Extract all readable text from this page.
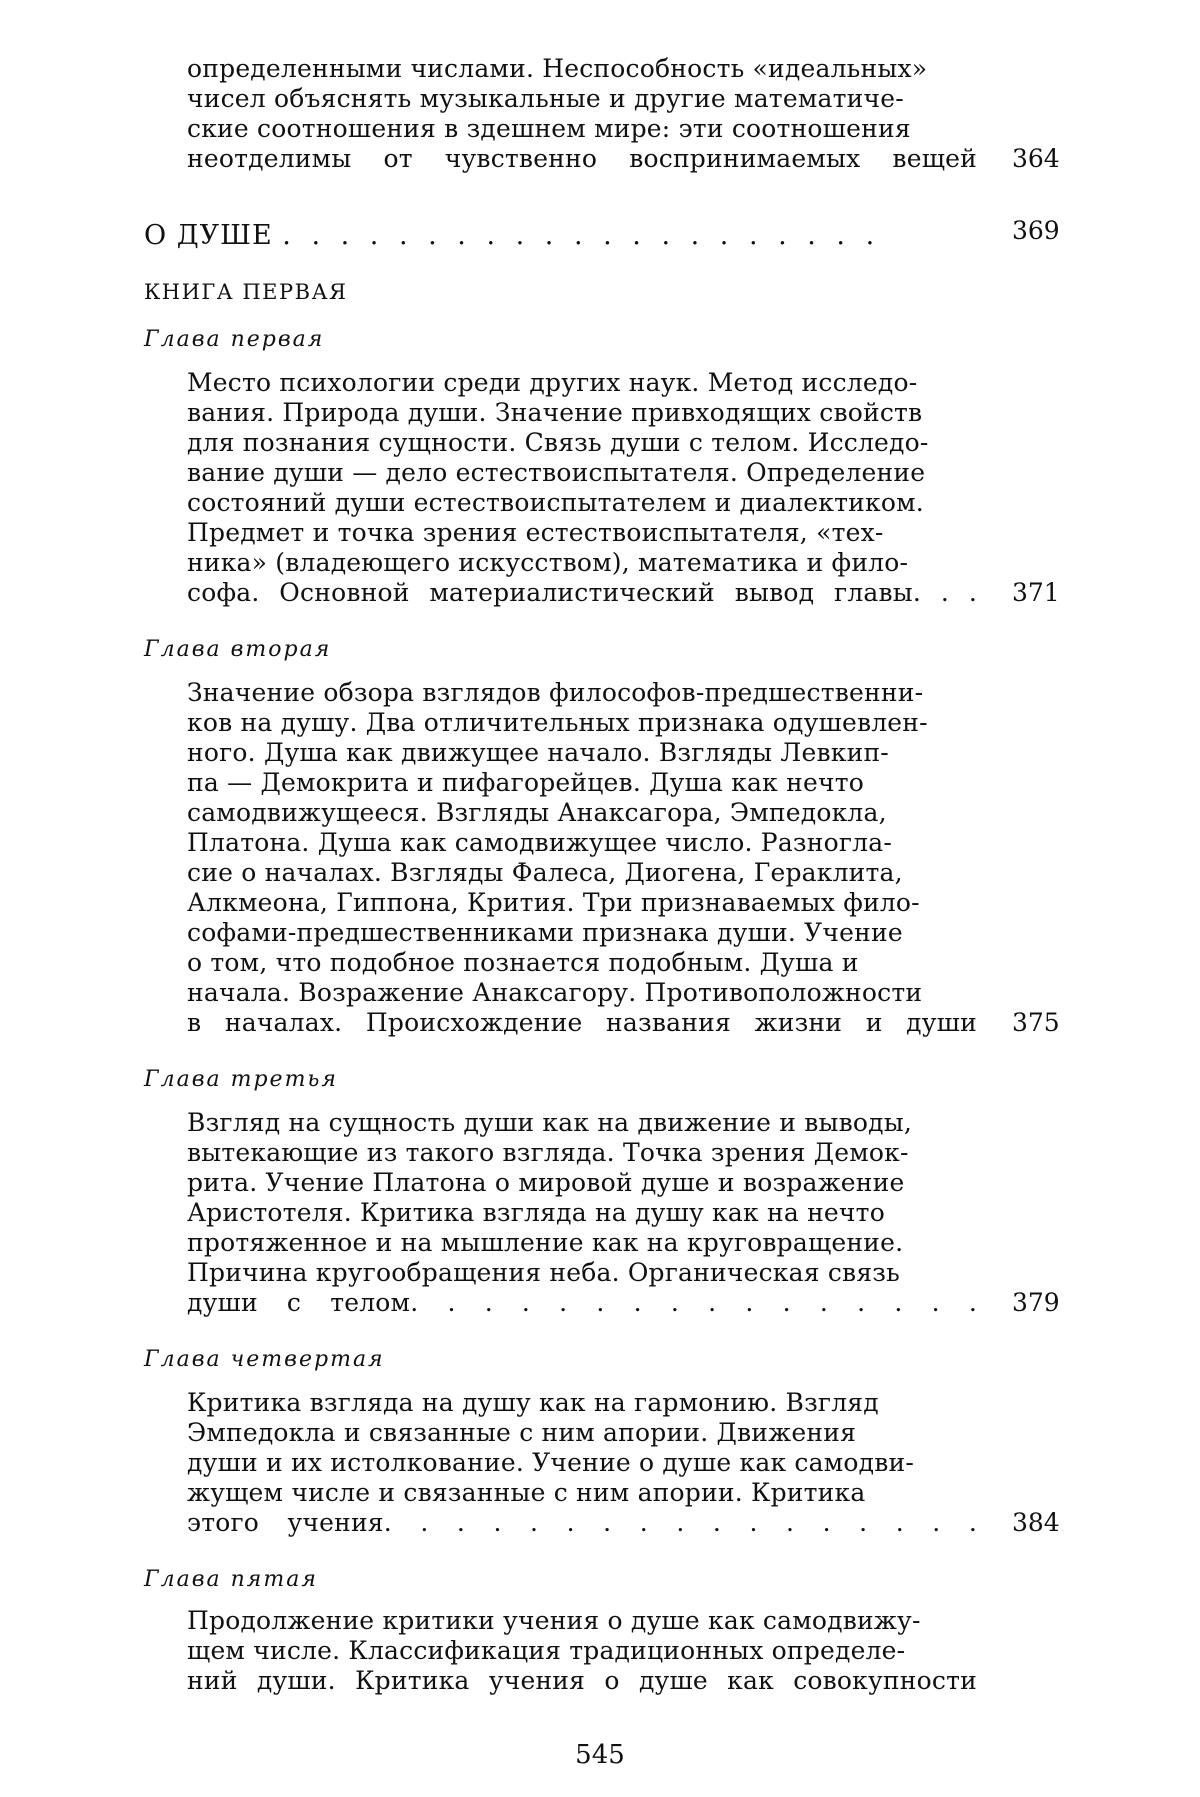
определенными числами. Неспособность «идеальных»
чисел объяснять музыкальные и другие математиче-
ские соотношения в здешнем мире: эти соотношения
неотделимы от чувственно воспринимаемых вещей 364
О ДУШЕ . . . . . . . . . . . . . . . . . . . . .	369
КНИГА ПЕРВАЯ
Глава первая
Место психологии среди других наук. Метод исследо-
вания. Природа души. Значение привходящих свойств
для познания сущности. Связь души с телом. Исследо-
вание души — дело естествоиспытателя. Определение
состояний души естествоиспытателем и диалектиком.
Предмет и точка зрения естествоиспытателя, «тех-
ника» (владеющего искусством), математика и фило-
софа. Основной материалистический вывод главы. . . 371
Глава вторая
Значение обзора взглядов философов-предшественни-
ков на душу. Два отличительных признака одушевлен-
ного. Душа как движущее начало. Взгляды Левкип-
па — Демокрита и пифагорейцев. Душа как нечто
самодвижущееся. Взгляды Анаксагора, Эмпедокла,
Платона. Душа как самодвижущее число. Разногла-
сие о началах. Взгляды Фалеса, Диогена, Гераклита,
Алкмеона, Гиппона, Крития. Три признаваемых фило-
софами-предшественниками признака души. Учение
о том, что подобное познается подобным. Душа и
начала. Возражение Анаксагору. Противоположности
в началах. Происхождение названия жизни и души 375
Глава третья
Взгляд на сущность души как на движение и выводы,
вытекающие из такого взгляда. Точка зрения Демок-
рита. Учение Платона о мировой душе и возражение
Аристотеля. Критика взгляда на душу как на нечто
протяженное и на мышление как на круговращение.
Причина кругообращения неба. Органическая связь
души с телом. . . . . . . . . . . . . . . . 379
Глава четвертая
Критика взгляда на душу как на гармонию. Взгляд
Эмпедокла и связанные с ним апории. Движения
души и их истолкование. Учение о душе как самодви-
жущем числе и связанные с ним апории. Критика
этого учения. . . . . . . . . . . . . . . . . 384
Глава пятая
Продолжение критики учения о душе как самодвижу-
щем числе. Классификация традиционных определе-
ний души. Критика учения о душе как совокупности
545
